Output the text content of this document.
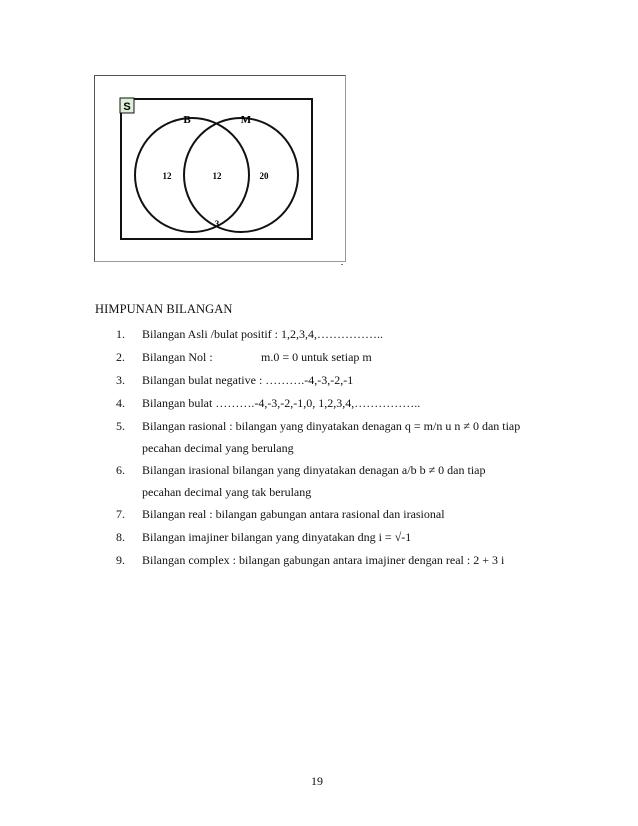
S
B	M
12	12	20
3
HIMPUNAN BILANGAN
1. Bilangan Asli /bulat positif : 1,2,3,4,……………..
2. Bilangan Nol :	m.0 = 0 untuk setiap m
3. Bilangan bulat negative : ……….-4,-3,-2,-1
4. Bilangan bulat ……….-4,-3,-2,-1,0, 1,2,3,4,……………..
5. Bilangan rasional : bilangan yang dinyatakan denagan q = m/n u n ≠ 0 dan tiap
pecahan decimal yang berulang
6. Bilangan irasional bilangan yang dinyatakan denagan a/b b ≠ 0 dan tiap
pecahan decimal yang tak berulang
7. Bilangan real : bilangan gabungan antara rasional dan irasional
8. Bilangan imajiner bilangan yang dinyatakan dng i = √-1
9. Bilangan complex : bilangan gabungan antara imajiner dengan real : 2 + 3 i
19
